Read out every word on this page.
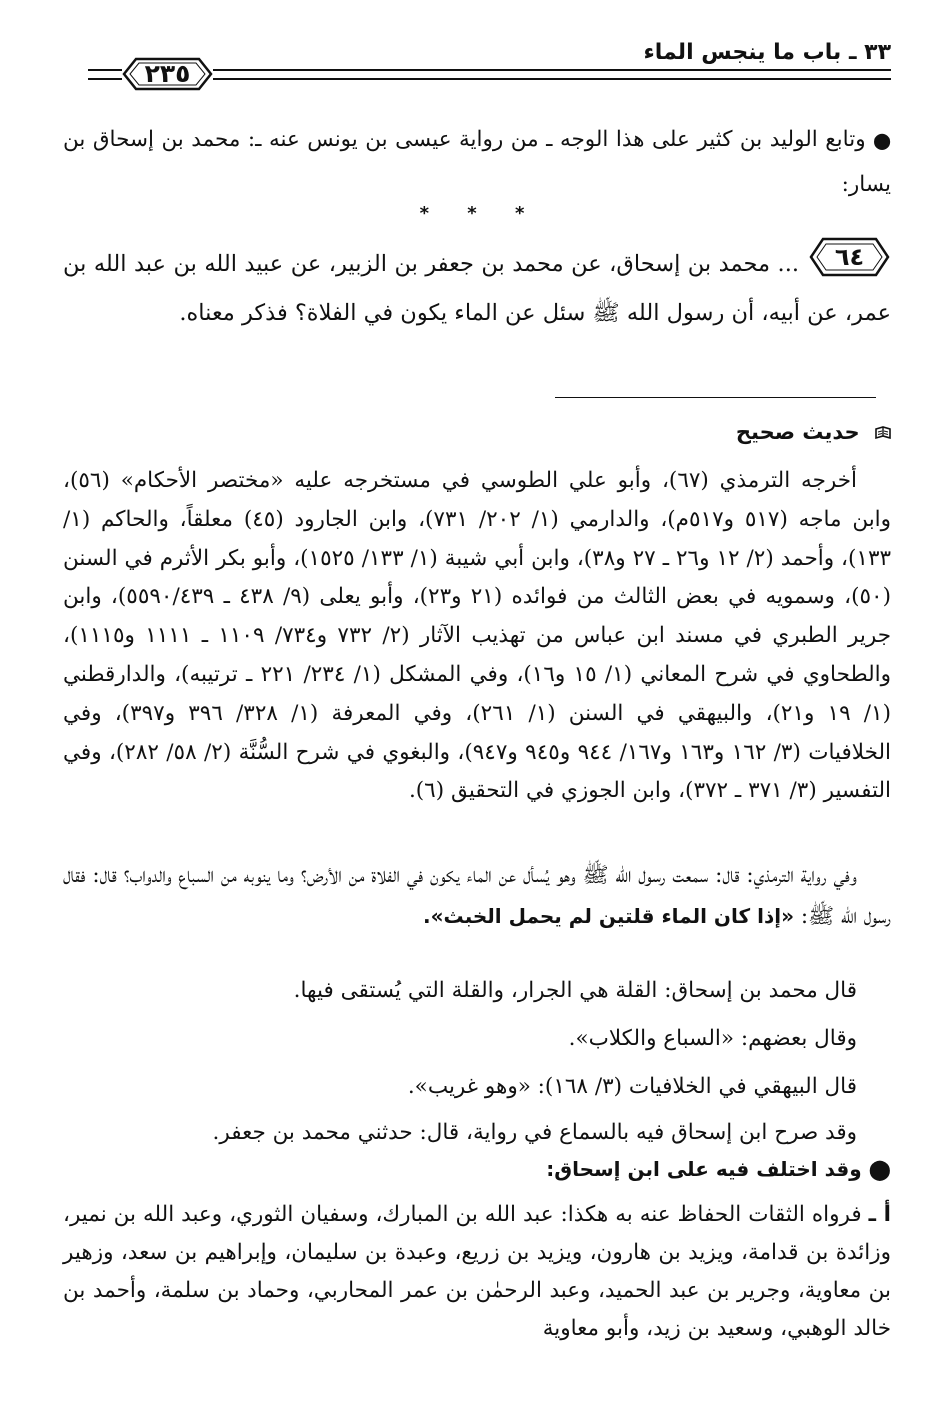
٣٣ ـ باب ما ينجس الماء
٢٣٥
⬤ وتابع الوليد بن كثير على هذا الوجه ـ من رواية عيسى بن يونس عنه ـ: محمد بن إسحاق بن يسار:
* * *
٦٤
... محمد بن إسحاق، عن محمد بن جعفر بن الزبير، عن عبيد الله بن عبد الله بن عمر، عن أبيه، أن رسول الله ﷺ سئل عن الماء يكون في الفلاة؟ فذكر معناه.
حديث صحيح
أخرجه الترمذي (٦٧)، وأبو علي الطوسي في مستخرجه عليه «مختصر الأحكام» (٥٦)، وابن ماجه (٥١٧ و٥١٧م)، والدارمي (١/ ٢٠٢/ ٧٣١)، وابن الجارود (٤٥) معلقاً، والحاكم (١/ ١٣٣)، وأحمد (٢/ ١٢ و٢٦ ـ ٢٧ و٣٨)، وابن أبي شيبة (١/ ١٣٣/ ١٥٢٥)، وأبو بكر الأثرم في السنن (٥٠)، وسمويه في بعض الثالث من فوائده (٢١ و٢٣)، وأبو يعلى (٩/ ٤٣٨ ـ ٥٥٩٠/٤٣٩)، وابن جرير الطبري في مسند ابن عباس من تهذيب الآثار (٢/ ٧٣٢ و٧٣٤/ ١١٠٩ ـ ١١١١ و١١١٥)، والطحاوي في شرح المعاني (١/ ١٥ و١٦)، وفي المشكل (١/ ٢٣٤/ ٢٢١ ـ ترتيبه)، والدارقطني (١/ ١٩ و٢١)، والبيهقي في السنن (١/ ٢٦١)، وفي المعرفة (١/ ٣٢٨/ ٣٩٦ و٣٩٧)، وفي الخلافيات (٣/ ١٦٢ و١٦٣ و١٦٧/ ٩٤٤ و٩٤٥ و٩٤٧)، والبغوي في شرح السُّنَّة (٢/ ٥٨/ ٢٨٢)، وفي التفسير (٣/ ٣٧١ ـ ٣٧٢)، وابن الجوزي في التحقيق (٦).
وفي رواية الترمذي: قال: سمعت رسول الله ﷺ وهو يُسأل عن الماء يكون في الفلاة من الأرض؟ وما ينوبه من السباع والدواب؟ قال: فقال رسول الله ﷺ: «إذا كان الماء قلتين لم يحمل الخبث».
قال محمد بن إسحاق: القلة هي الجرار، والقلة التي يُستقى فيها.
وقال بعضهم: «السباع والكلاب».
قال البيهقي في الخلافيات (٣/ ١٦٨): «وهو غريب».
وقد صرح ابن إسحاق فيه بالسماع في رواية، قال: حدثني محمد بن جعفر.
⬤ وقد اختلف فيه على ابن إسحاق:
أ ـ فرواه الثقات الحفاظ عنه به هكذا: عبد الله بن المبارك، وسفيان الثوري، وعبد الله بن نمير، وزائدة بن قدامة، ويزيد بن هارون، ويزيد بن زريع، وعبدة بن سليمان، وإبراهيم بن سعد، وزهير بن معاوية، وجرير بن عبد الحميد، وعبد الرحمٰن بن عمر المحاربي، وحماد بن سلمة، وأحمد بن خالد الوهبي، وسعيد بن زيد، وأبو معاوية
